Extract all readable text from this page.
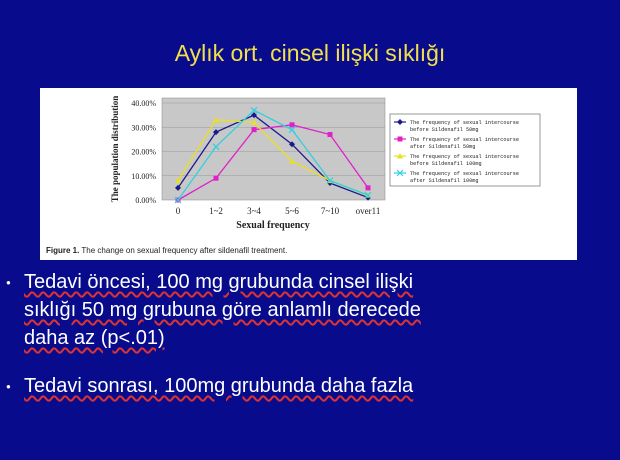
Aylık ort. cinsel ilişki sıklığı
0.00%
10.00%
20.00%
30.00%
40.00%
0	1~2	3~4	5~6 7~10 over11
Sexual frequency
The population distribution	The frequency of sexual intercourse
before Sildenafil 50mg
The frequency of sexual intercourse
after Sildenafil 50mg
The frequency of sexual intercourse
before Sildenafil 100mg
The frequency of sexual intercourse
after Sildenafil 100mg
Figure 1. The change on sexual frequency after sildenafil treatment.
● Tedavi öncesi, 100 mg grubunda cinsel ilişki
sıklığı 50 mg grubuna göre anlamlı derecede
daha az (p<.01)
● Tedavi sonrası, 100mg grubunda daha fazla
